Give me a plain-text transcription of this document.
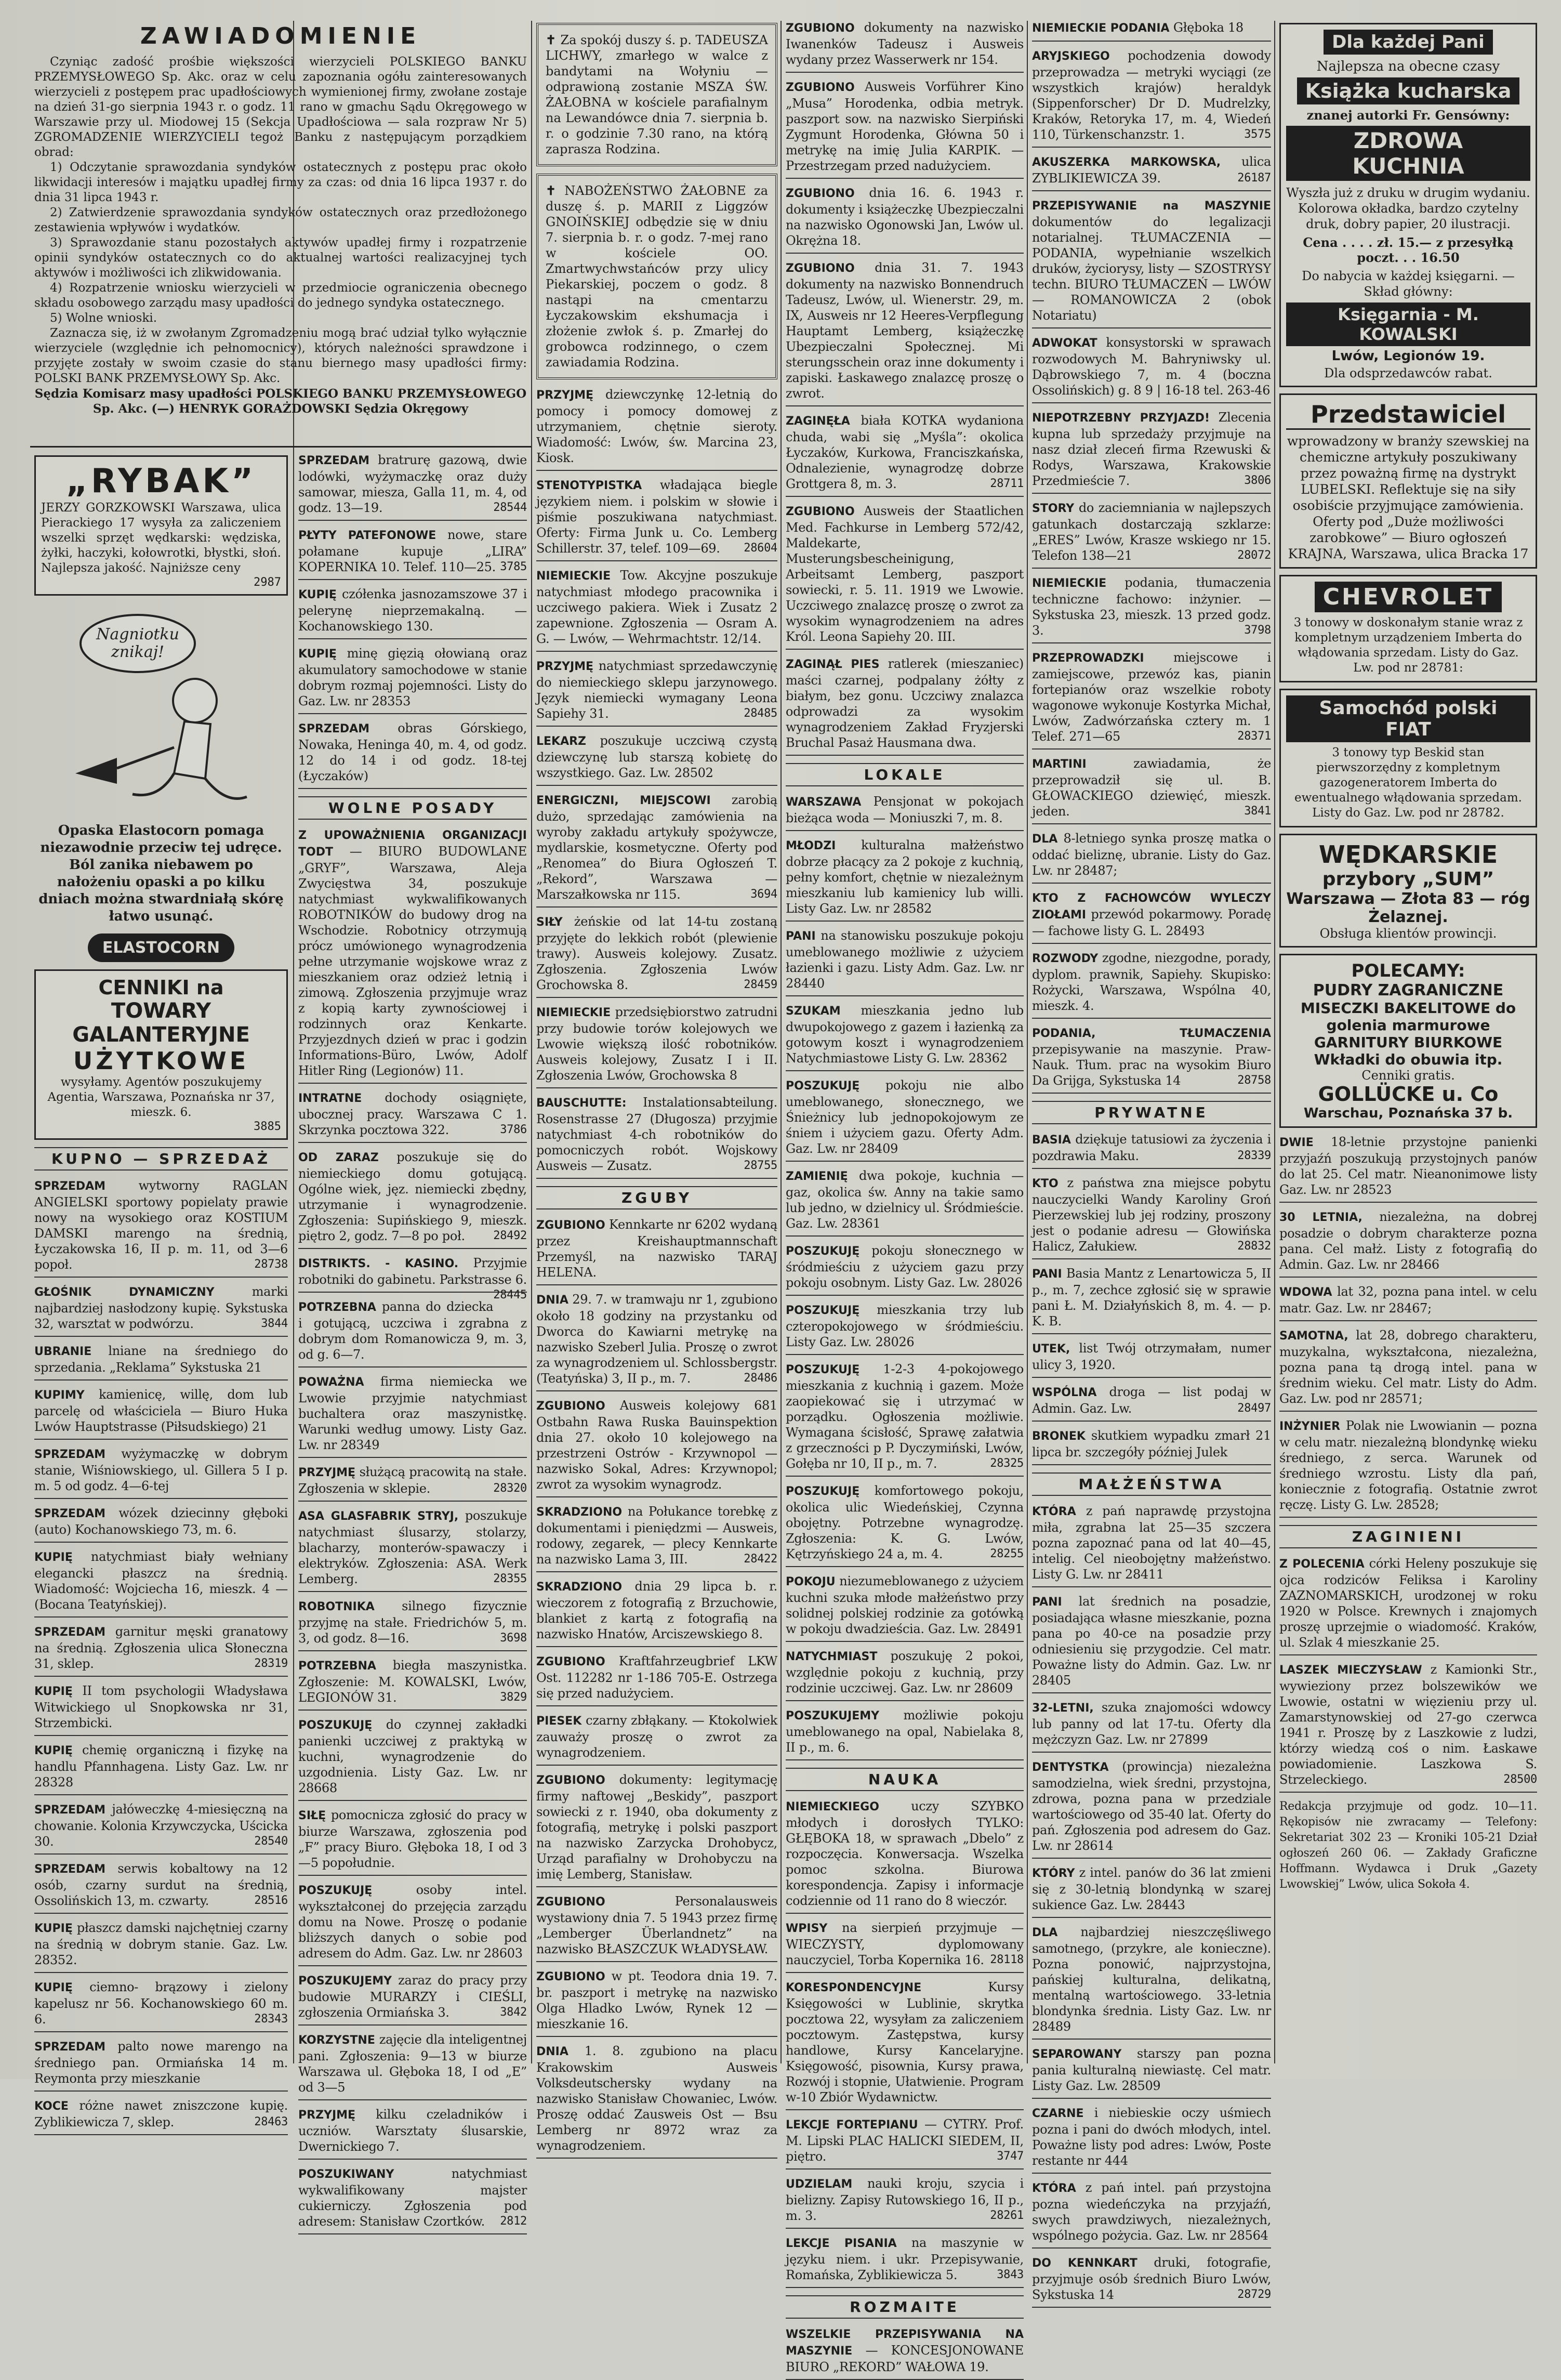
ZAWIADOMIENIE

Czyniąc zadość prośbie większości wierzycieli POLSKIEGO BANKU PRZEMYSŁOWEGO Sp. Akc. oraz w celu zapoznania ogółu zainteresowanych wierzycieli z postępem prac upadłościowych wymienionej firmy, zwołane zostaje na dzień 31-go sierpnia 1943 r. o godz. 11 rano w gmachu Sądu Okręgowego w Warszawie przy ul. Miodowej 15 (Sekcja Upadłościowa — sala rozpraw Nr 5) ZGROMADZENIE WIERZYCIELI tegoż Banku z następującym porządkiem obrad:

1) Odczytanie sprawozdania syndyków ostatecznych z postępu prac około likwidacji interesów i majątku upadłej firmy za czas: od dnia 16 lipca 1937 r. do dnia 31 lipca 1943 r.

2) Zatwierdzenie sprawozdania syndyków ostatecznych oraz przedłożonego zestawienia wpływów i wydatków.

3) Sprawozdanie stanu pozostałych aktywów upadłej firmy i rozpatrzenie opinii syndyków ostatecznych co do aktualnej wartości realizacyjnej tych aktywów i możliwości ich zlikwidowania.

4) Rozpatrzenie wniosku wierzycieli w przedmiocie ograniczenia obecnego składu osobowego zarządu masy upadłości do jednego syndyka ostatecznego.

5) Wolne wnioski.

Zaznacza się, iż w zwołanym Zgromadzeniu mogą brać udział tylko wyłącznie wierzyciele (względnie ich pełnomocnicy), których należności sprawdzone i przyjęte zostały w swoim czasie do stanu biernego masy upadłości firmy: POLSKI BANK PRZEMYSŁOWY Sp. Akc.

Sędzia Komisarz masy upadłości POLSKIEGO BANKU PRZEMYSŁOWEGO Sp. Akc. (—) HENRYK GORAŻDOWSKI Sędzia Okręgowy

„RYBAK”
JERZY GORZKOWSKI Warszawa, ulica Pierackiego 17 wysyła za zaliczeniem wszelki sprzęt wędkarski: wędziska, żyłki, haczyki, kołowrotki, błystki, słoń. Najlepsza jakość. Najniższe ceny
2987
Nagniotku
znikaj!
Opaska Elastocorn pomaga niezawodnie przeciw tej udręce. Ból zanika niebawem po nałożeniu opaski a po kilku dniach można stwardniałą skórę łatwo usunąć.
ELASTOCORN
CENNIKI na
TOWARY GALANTERYJNE
UŻYTKOWE
wysyłamy. Agentów poszukujemy Agentia, Warszawa, Poznańska nr 37, mieszk. 6.
3885
KUPNO — SPRZEDAŻ
SPRZEDAM	wytworny RAGLAN ANGIELSKI sportowy popielaty prawie nowy na wysokiego oraz KOSTIUM DAMSKI marengo na średnią, Łyczakowska 16, II p. m. 11, od 3—6 popoł.	28738
GŁOŚNIK DYNAMICZNY	marki najbardziej nasłodzony kupię. Sykstuska 32, warsztat w podwórzu.	3844
UBRANIE lniane na średniego do sprzedania. „Reklama” Sykstuska 21
KUPIMY kamienicę, willę, dom lub parcelę od właściciela — Biuro Huka Lwów Hauptstrasse (Piłsudskiego) 21
SPRZEDAM wyżymaczkę w dobrym stanie, Wiśniowskiego, ul. Gillera 5 I p. m. 5 od godz. 4—6-tej
SPRZEDAM wózek dziecinny głęboki (auto) Kochanowskiego 73, m. 6.
KUPIĘ natychmiast biały wełniany elegancki płaszcz na średnią. Wiadomość: Wojciecha 16, mieszk. 4 — (Bocana Teatyńskiej).
SPRZEDAM garnitur męski granatowy na średnią. Zgłoszenia ulica Słoneczna 31, sklep.	28319
KUPIĘ II tom psychologii Władysława Witwickiego ul Snopkowska nr 31, Strzembicki.
KUPIĘ chemię organiczną i fizykę na handlu Pfannhagena. Listy Gaz. Lw. nr 28328
SPRZEDAM jałóweczkę 4-miesięczną na chowanie. Kolonia Krzywczycka, Uścicka 30.	28540
SPRZEDAM serwis kobaltowy na 12 osób, czarny surdut na średnią, Ossolińskich 13, m. czwarty.	28516
KUPIĘ płaszcz damski najchętniej czarny na średnią w dobrym stanie. Gaz. Lw. 28352.
KUPIĘ ciemno- brązowy i zielony kapelusz nr 56. Kochanowskiego 60 m. 6.	28343
SPRZEDAM palto nowe marengo na średniego pan. Ormiańska 14 m. Reymonta przy mieszkanie
KOCE różne nawet zniszczone kupię. Zyblikiewicza 7, sklep.	28463
SPRZEDAM bratrurę gazową, dwie lodówki, wyżymaczkę oraz duży samowar, miesza, Galla 11, m. 4, od godz. 13—19.	28544
PŁYTY PATEFONOWE nowe, stare połamane kupuje „LIRA” KOPERNIKA 10. Telef. 110—25. 3785
KUPIĘ czółenka jasnozamszowe 37 i pelerynę nieprzemakalną. — Kochanowskiego 130.
KUPIĘ minę gięzią ołowianą oraz akumulatory samochodowe w stanie dobrym rozmaj pojemności. Listy do Gaz. Lw. nr 28353
SPRZEDAM obras Górskiego, Nowaka, Heninga 40, m. 4, od godz. 12 do 14 i od godz. 18-tej (Łyczaków)
WOLNE POSADY
Z UPOWAŻNIENIA ORGANIZACJI TODT — BIURO BUDOWLANE „GRYF”, Warszawa, Aleja Zwycięstwa 34, poszukuje natychmiast wykwalifikowanych ROBOTNIKÓW do budowy drog na Wschodzie. Robotnicy otrzymują prócz umówionego wynagrodzenia pełne utrzymanie wojskowe wraz z mieszkaniem oraz odzież letnią i zimową. Zgłoszenia przyjmuje wraz z kopią karty zywnościowej i rodzinnych oraz Kenkarte. Przyjezdnych dzień w prac i godzin Informations-Büro, Lwów, Adolf Hitler Ring (Legionów) 11.
INTRATNE dochody osiągnięte, ubocznej pracy. Warszawa C 1. Skrzynka pocztowa 322.	3786
OD ZARAZ poszukuje się do niemieckiego domu gotującą. Ogólne wiek, jęz. niemiecki zbędny, utrzymanie i wynagrodzenie. Zgłoszenia: Supińskiego 9, mieszk. piętro 2, godz. 7—8 po poł. 28492
DISTRIKTS. - KASINO. Przyjmie robotniki do gabinetu. Parkstrasse 6.
28445
POTRZEBNA panna do dziecka i gotującą, uczciwa i zgrabna z dobrym dom Romanowicza 9, m. 3, od g. 6—7.
POWAŻNA firma niemiecka we Lwowie przyjmie natychmiast buchaltera oraz maszynistkę. Warunki według umowy. Listy Gaz. Lw. nr 28349
PRZYJMĘ służącą pracowitą na stałe. Zgłoszenia w sklepie.	28320
ASA GLASFABRIK STRYJ, poszukuje natychmiast ślusarzy, stolarzy, blacharzy, monterów-spawaczy i elektryków. Zgłoszenia: ASA. Werk Lemberg.	28355
ROBOTNIKA silnego fizycznie przyjmę na stałe. Friedrichów 5, m. 3, od godz. 8—16.	3698
POTRZEBNA biegła maszynistka. Zgłoszenie: M. KOWALSKI, Lwów, LEGIONÓW 31.	3829
POSZUKUJĘ do czynnej zakładki panienki uczciwej z praktyką w kuchni, wynagrodzenie do uzgodnienia. Listy Gaz. Lw. nr 28668
SIŁĘ pomocnicza zgłosić do pracy w biurze Warszawa, zgłoszenia pod „F” pracy Biuro. Głęboka 18, I od 3—5 popołudnie.
POSZUKUJĘ	osoby intel. wykształconej do przejęcia zarządu domu na Nowe. Proszę o podanie bliższych danych o sobie pod adresem do Adm. Gaz. Lw. nr 28603
POSZUKUJEMY zaraz do pracy przy budowie MURARZY i CIEŚLI, zgłoszenia Ormiańska 3.	3842
KORZYSTNE zajęcie dla inteligentnej pani. Zgłoszenia: 9—13 w biurze Warszawa ul. Głęboka 18, I od „E” od 3—5
PRZYJMĘ kilku czeladników i uczniów. Warsztaty ślusarskie, Dwernickiego 7.
POSZUKIWANY	natychmiast wykwalifikowany majster cukierniczy. Zgłoszenia pod adresem: Stanisław Czortków. 2812
✝ Za spokój duszy ś. p. TADEUSZA LICHWY, zmarłego w walce z bandytami na Wołyniu — odprawioną zostanie MSZA ŚW. ŻAŁOBNA w kościele parafialnym na Lewandówce dnia 7. sierpnia b. r. o godzinie 7.30 rano, na którą zaprasza Rodzina.
✝ NABOŻEŃSTWO ŻAŁOBNE za duszę ś. p. MARII z Liggzów GNOIŃSKIEJ odbędzie się w dniu 7. sierpnia b. r. o godz. 7-mej rano w kościele OO. Zmartwychwstańców przy ulicy Piekarskiej, poczem o godz. 8 nastąpi na cmentarzu Łyczakowskim ekshumacja i złożenie zwłok ś. p. Zmarłej do grobowca rodzinnego, o czem zawiadamia Rodzina.
PRZYJMĘ dziewczynkę 12-letnią do pomocy i pomocy domowej z utrzymaniem, chętnie sieroty. Wiadomość: Lwów, św. Marcina 23, Kiosk.
STENOTYPISTKA władająca biegle językiem niem. i polskim w słowie i piśmie poszukiwana natychmiast. Oferty: Firma Junk u. Co. Lemberg Schillerstr. 37, telef. 109—69. 28604
NIEMIECKIE Tow. Akcyjne poszukuje natychmiast młodego pracownika i uczciwego pakiera. Wiek i Zusatz 2 zapewnione. Zgłoszenia — Osram A. G. — Lwów, — Wehrmachtstr. 12/14.
PRZYJMĘ natychmiast sprzedawczynię do niemieckiego sklepu jarzynowego. Język niemiecki wymagany Leona Sapiehy 31.	28485
LEKARZ poszukuje uczciwą czystą dziewczynę lub starszą kobietę do wszystkiego. Gaz. Lw. 28502
ENERGICZNI, MIEJSCOWI zarobią dużo, sprzedając zamówienia na wyroby zakładu artykuły spożywcze, mydlarskie, kosmetyczne. Oferty pod „Renomea” do Biura Ogłoszeń T. „Rekord”, Warszawa — Marszałkowska nr 115.	3694
SIŁY żeńskie od lat 14-tu zostaną przyjęte do lekkich robót (plewienie trawy). Ausweis kolejowy. Zusatz. Zgłoszenia. Zgłoszenia Lwów Grochowska 8.	28459
NIEMIECKIE przedsiębiorstwo zatrudni przy budowie torów kolejowych we Lwowie większą ilość robotników. Ausweis kolejowy, Zusatz I i II. Zgłoszenia Lwów, Grochowska 8
BAUSCHUTTE: Instalationsabteilung. Rosenstrasse 27 (Długosza) przyjmie natychmiast 4-ch robotników do pomocniczych robót. Wojskowy Ausweis — Zusatz.	28755
ZGUBY
ZGUBIONO Kennkarte nr 6202 wydaną przez Kreishauptmannschaft Przemyśl, na nazwisko TARAJ HELENA.
DNIA 29. 7. w tramwaju nr 1, zgubiono około 18 godziny na przystanku od Dworca do Kawiarni metrykę na nazwisko Szeberl Julia. Proszę o zwrot za wynagrodzeniem ul. Schlossbergstr. (Teatyńska) 3, II p., m. 7.	28486
ZGUBIONO Ausweis kolejowy 681 Ostbahn Rawa Ruska Bauinspektion dnia 27. około 10 kolejowego na przestrzeni Ostrów - Krzywnopol — nazwisko Sokal, Adres: Krzywnopol; zwrot za wysokim wynagrodz.
SKRADZIONO na Połukance torebkę z dokumentami i pieniędzmi — Ausweis, rodowy, zegarek, — plecy Kennkarte na nazwisko Lama 3, III.	28422
SKRADZIONO dnia 29 lipca b. r. wieczorem z fotografią z Brzuchowie, blankiet z kartą z fotografią na nazwisko Hnatów, Arciszewskiego 8.
ZGUBIONO Kraftfahrzeugbrief LKW Ost. 112282 nr 1-186 705-E. Ostrzega się przed nadużyciem.
PIESEK czarny zbłąkany. — Ktokolwiek zauważy proszę o zwrot za wynagrodzeniem.
ZGUBIONO dokumenty: legitymację firmy naftowej „Beskidy”, paszport sowiecki z r. 1940, oba dokumenty z fotografią, metrykę i polski paszport na nazwisko Zarzycka Drohobycz, Urząd parafialny w Drohobyczu na imię Lemberg, Stanisław.
ZGUBIONO	Personalausweis wystawiony dnia 7. 5 1943 przez firmę „Lemberger Überlandnetz” na nazwisko BŁASZCZUK WŁADYSŁAW.
ZGUBIONO w pt. Teodora dnia 19. 7. br. paszport i metrykę na nazwisko Olga Hladko Lwów, Rynek 12 — mieszkanie 16.
DNIA 1. 8. zgubiono na placu Krakowskim Ausweis Volksdeutschersky wydany na nazwisko Stanisław Chowaniec, Lwów. Proszę oddać Zausweis Ost — Bsu Lemberg nr 8972 wraz za wynagrodzeniem.
ZGUBIONO dokumenty na nazwisko Iwanenków Tadeusz i Ausweis wydany przez Wasserwerk nr 154.
ZGUBIONO Ausweis Vorführer Kino „Musa” Horodenka, odbia metryk. paszport sow. na nazwisko Sierpiński Zygmunt Horodenka, Główna 50 i metrykę na imię Julia KARPIK. — Przestrzegam przed nadużyciem.
ZGUBIONO dnia 16. 6. 1943 r. dokumenty i książeczkę Ubezpieczalni na nazwisko Ogonowski Jan, Lwów ul. Okrężna 18.
ZGUBIONO dnia 31. 7. 1943 dokumenty na nazwisko Bonnendruch Tadeusz, Lwów, ul. Wienerstr. 29, m. IX, Ausweis nr 12 Heeres-Verpflegung Hauptamt Lemberg, książeczkę Ubezpieczalni Społecznej. Mi sterungsschein oraz inne dokumenty i zapiski. Łaskawego znalazcę proszę o zwrot.
ZAGINĘŁA biała KOTKA wydaniona chuda, wabi się „Myśla”: okolica Łyczaków, Kurkowa, Franciszkańska, Odnalezienie, wynagrodzę dobrze Grottgera 8, m. 3.	28711
ZGUBIONO Ausweis der Staatlichen Med. Fachkurse in Lemberg 572/42, Maldekarte, Musterungsbescheinigung, Arbeitsamt Lemberg, paszport sowiecki, r. 5. 11. 1919 we Lwowie. Uczciwego znalazcę proszę o zwrot za wysokim wynagrodzeniem na adres Król. Leona Sapiehy 20. III.
ZAGINĄŁ PIES ratlerek (mieszaniec) maści czarnej, podpalany żółty z białym, bez gonu. Uczciwy znalazca odprowadzi za wysokim wynagrodzeniem Zakład Fryzjerski Bruchal Pasaż Hausmana dwa.
LOKALE
WARSZAWA Pensjonat w pokojach bieżąca woda — Moniuszki 7, m. 8.
MŁODZI kulturalna małżeństwo dobrze płacący za 2 pokoje z kuchnią, pełny komfort, chętnie w niezależnym mieszkaniu lub kamienicy lub willi. Listy Gaz. Lw. nr 28582
PANI na stanowisku poszukuje pokoju umeblowanego możliwie z użyciem łazienki i gazu. Listy Adm. Gaz. Lw. nr 28440
SZUKAM mieszkania jedno lub dwupokojowego z gazem i łazienką za gotowym koszt i wynagrodzeniem Natychmiastowe Listy G. Lw. 28362
POSZUKUJĘ pokoju nie albo umeblowanego, słonecznego, we Śnieżnicy lub jednopokojowym ze śniem i użyciem gazu. Oferty Adm. Gaz. Lw. nr 28409
ZAMIENIĘ dwa pokoje, kuchnia — gaz, okolica św. Anny na takie samo lub jedno, w dzielnicy ul. Śródmieście. Gaz. Lw. 28361
POSZUKUJĘ pokoju słonecznego w śródmieściu z użyciem gazu przy pokoju osobnym. Listy Gaz. Lw. 28026
POSZUKUJĘ mieszkania trzy lub czteropokojowego w śródmieściu. Listy Gaz. Lw. 28026
POSZUKUJĘ 1-2-3 4-pokojowego mieszkania z kuchnią i gazem. Może zaopiekować się i utrzymać w porządku. Ogłoszenia możliwie. Wymagana ścisłość, Sprawę załatwia z grzeczności p P. Dyczymiński, Lwów, Gołęba nr 10, II p., m. 7.	28325
POSZUKUJĘ komfortowego pokoju, okolica ulic Wiedeńskiej, Czynna obojętny. Potrzebne wynagrodzę. Zgłoszenia: K. G. Lwów, Kętrzyńskiego 24 a, m. 4.	28255
POKOJU niezumeblowanego z użyciem kuchni szuka młode małżeństwo przy solidnej polskiej rodzinie za gotówką w pokoju dwadzieścia. Gaz. Lw. 28491
NATYCHMIAST poszukuję 2 pokoi, względnie pokoju z kuchnią, przy rodzinie uczciwej. Gaz. Lw. nr 28609
POSZUKUJEMY możliwie pokoju umeblowanego na opal, Nabielaka 8, II p., m. 6.
NAUKA
NIEMIECKIEGO	uczy SZYBKO młodych i dorosłych TYLKO: GŁĘBOKA 18, w sprawach „Dbelo” z rozpoczęcia. Konwersacja. Wszelka pomoc szkolna. Biurowa korespondencja. Zapisy i informacje codziennie od 11 rano do 8 wieczór.
WPISY na sierpień przyjmuje — WIECZYSTY, dyplomowany nauczyciel, Torba Kopernika 16. 28118
KORESPONDENCYJNE	Kursy Księgowości w Lublinie, skrytka pocztowa 22, wysyłam za zaliczeniem pocztowym. Zastępstwa, kursy handlowe, Kursy Kancelaryjne. Księgowość, pisownia, Kursy prawa, Rozwój i stopnie, Ułatwienie. Program w-10 Zbiór Wydawnictw.
LEKCJE FORTEPIANU — CYTRY. Prof. M. Lipski PLAC HALICKI SIEDEM, II, piętro.	3747
UDZIELAM nauki kroju, szycia i bielizny. Zapisy Rutowskiego 16, II p., m. 3.	28261
LEKCJE PISANIA na maszynie w języku niem. i ukr. Przepisywanie, Romańska, Zyblikiewicza 5.	3843
ROZMAITE
WSZELKIE PRZEPISYWANIA NA MASZYNIE — KONCESJONOWANE BIURO „REKORD” WAŁOWA 19.
NIEMIECKIE PODANIA Głęboka 18
ARYJSKIEGO pochodzenia dowody przeprowadza — metryki wyciągi (ze wszystkich krajów) heraldyk (Sippenforscher) Dr D. Mudrelzky, Kraków, Retoryka 17, m. 4, Wiedeń 110, Türkenschanzstr. 1.	3575
AKUSZERKA MARKOWSKA, ulica ZYBLIKIEWICZA 39.	26187
PRZEPISYWANIE na MASZYNIE dokumentów do legalizacji notarialnej. TŁUMACZENIA — PODANIA, wypełnianie wszelkich druków, życiorysy, listy — SZOSTRYSY techn. BIURO TŁUMACZEŃ — LWÓW — ROMANOWICZA 2 (obok Notariatu)
ADWOKAT konsystorski w sprawach rozwodowych M. Bahryniwsky ul. Dąbrowskiego 7, m. 4 (boczna Ossolińskich) g. 8 9 | 16-18 tel. 263-46
NIEPOTRZEBNY PRZYJAZD! Zlecenia kupna lub sprzedaży przyjmuje na nasz dział zleceń firma Rzewuski & Rodys, Warszawa, Krakowskie Przedmieście 7.	3806
STORY do zaciemniania w najlepszych gatunkach dostarczają szklarze: „ERES” Lwów, Krasze wskiego nr 15. Telefon 138—21	28072
NIEMIECKIE podania, tłumaczenia techniczne fachowo: inżynier. — Sykstuska 23, mieszk. 13 przed godz. 3.	3798
PRZEPROWADZKI miejscowe i zamiejscowe, przewóz kas, pianin fortepianów oraz wszelkie roboty wagonowe wykonuje Kostyrka Michał, Lwów, Zadwórzańska cztery m. 1 Telef. 271—65	28371
MARTINI	zawiadamia, że przeprowadził się ul. B. GŁOWACKIEGO dziewięć, mieszk. jeden.	3841
DLA 8-letniego synka proszę matka o oddać bieliznę, ubranie. Listy do Gaz. Lw. nr 28487;
KTO Z FACHOWCÓW WYLECZY ZIOŁAMI przewód pokarmowy. Poradę — fachowe listy G. L. 28493
ROZWODY zgodne, niezgodne, porady, dyplom. prawnik, Sapiehy. Skupisko: Rożycki, Warszawa, Wspólna 40, mieszk. 4.
PODANIA, TŁUMACZENIA przepisywanie na maszynie. Praw-Nauk. Tłum. prac na wysokim Biuro Da Grijga, Sykstuska 14	28758
PRYWATNE
BASIA dziękuje tatusiowi za życzenia i pozdrawia Maku.	28339
KTO z państwa zna miejsce pobytu nauczycielki Wandy Karoliny Groń Pierzewskiej lub jej rodziny, proszony jest o podanie adresu — Głowińska Halicz, Załukiew.	28832
PANI Basia Mantz z Lenartowicza 5, II p., m. 7, zechce zgłosić się w sprawie pani Ł. M. Działyńskich 8, m. 4. — p. K. B.
UTEK, list Twój otrzymałam, numer ulicy 3, 1920.
WSPÓLNA droga — list podaj w Admin. Gaz. Lw.	28497
BRONEK skutkiem wypadku zmarł 21 lipca br. szczegóły później Julek
MAŁŻEŃSTWA
KTÓRA z pań naprawdę przystojna miła, zgrabna lat 25—35 szczera pozna zapoznać pana od lat 40—45, intelig. Cel nieobojętny małżeństwo. Listy G. Lw. nr 28411
PANI lat średnich na posadzie, posiadająca własne mieszkanie, pozna pana po 40-ce na posadzie przy odniesieniu się przygodzie. Cel matr. Poważne listy do Admin. Gaz. Lw. nr 28405
32-LETNI, szuka znajomości wdowcy lub panny od lat 17-tu. Oferty dla mężczyzn Gaz. Lw. nr 27899
DENTYSTKA (prowincja) niezależna samodzielna, wiek średni, przystojna, zdrowa, pozna pana w przedziale wartościowego od 35-40 lat. Oferty do pań. Zgłoszenia pod adresem do Gaz. Lw. nr 28614
KTÓRY z intel. panów do 36 lat zmieni się z 30-letnią blondynką w szarej sukience Gaz. Lw. 28443
DLA najbardziej nieszczęśliwego samotnego, (przykre, ale konieczne). Pozna ponowić, najprzystojna, pańskiej kulturalna, delikatną, mentalną wartościowego. 33-letnia blondynka średnia. Listy Gaz. Lw. nr 28489
SEPAROWANY starszy pan pozna pania kulturalną niewiastę. Cel matr. Listy Gaz. Lw. 28509
CZARNE i niebieskie oczy uśmiech pozna i pani do dwóch młodych, intel. Poważne listy pod adres: Lwów, Poste restante nr 444
KTÓRA z pań intel. pań przystojna pozna wiedeńczyka na przyjaźń, swych prawdziwych, niezależnych, wspólnego pożycia. Gaz. Lw. nr 28564
DO KENNKART druki, fotografie, przyjmuje osób średnich Biuro Lwów, Sykstuska 14	28729
Dla każdej Pani
Najlepsza na obecne czasy
Książka kucharska
znanej autorki Fr. Gensówny:
ZDROWA KUCHNIA
Wyszła już z druku w drugim wydaniu. Kolorowa okładka, bardzo czytelny druk, dobry papier, 20 ilustracji.
Cena . . . . zł. 15.— z przesyłką poczt. . . 16.50
Do nabycia w każdej księgarni. — Skład główny:
Księgarnia - M. KOWALSKI
Lwów, Legionów 19.
Dla odsprzedawców rabat.
Przedstawiciel
wprowadzony w branży szewskiej na chemiczne artykuły poszukiwany przez poważną firmę na dystrykt LUBELSKI. Reflektuje się na siły osobiście przyjmujące zamówienia. Oferty pod „Duże możliwości zarobkowe” — Biuro ogłoszeń KRAJNA, Warszawa, ulica Bracka 17
CHEVROLET
3 tonowy w doskonałym stanie wraz z kompletnym urządzeniem Imberta do włądowania sprzedam. Listy do Gaz. Lw. pod nr 28781:
Samochód polski FIAT
3 tonowy typ Beskid stan pierwszorzędny z kompletnym gazogeneratorem Imberta do ewentualnego włądowania sprzedam. Listy do Gaz. Lw. pod nr 28782.
WĘDKARSKIE
przybory „SUM”
Warszawa — Złota 83 — róg Żelaznej.
Obsługa klientów prowincji.
POLECAMY:
PUDRY ZAGRANICZNE
MISECZKI BAKELITOWE do golenia marmurowe
GARNITURY BIURKOWE
Wkładki do obuwia itp.
Cenniki gratis.
GOLLÜCKE u. Co
Warschau, Poznańska 37 b.
DWIE 18-letnie przystojne panienki przyjaźń poszukują przystojnych panów do lat 25. Cel matr. Nieanonimowe listy Gaz. Lw. nr 28523
30 LETNIA, niezależna, na dobrej posadzie o dobrym charakterze pozna pana. Cel małż. Listy z fotografią do Admin. Gaz. Lw. nr 28466
WDOWA lat 32, pozna pana intel. w celu matr. Gaz. Lw. nr 28467;
SAMOTNA, lat 28, dobrego charakteru, muzykalna, wykształcona, niezależna, pozna pana tą drogą intel. pana w średnim wieku. Cel matr. Listy do Adm. Gaz. Lw. pod nr 28571;
INŻYNIER Polak nie Lwowianin — pozna w celu matr. niezależną blondynkę wieku średniego, z serca. Warunek od średniego wzrostu. Listy dla pań, koniecznie z fotografią. Ostatnie zwrot ręczę. Listy G. Lw. 28528;
ZAGINIENI
Z POLECENIA córki Heleny poszukuje się ojca rodziców Feliksa i Karoliny ZAZNOMARSKICH, urodzonej w roku 1920 w Polsce. Krewnych i znajomych proszę uprzejmie o wiadomość. Kraków, ul. Szlak 4 mieszkanie 25.
LASZEK MIECZYSŁAW z Kamionki Str., wywieziony przez bolszewików we Lwowie, ostatni w więzieniu przy ul. Zamarstynowskiej od 27-go czerwca 1941 r. Proszę by z Laszkowie z ludzi, którzy wiedzą coś o nim. Łaskawe powiadomienie. Laszkowa S. Strzeleckiego.	28500
Redakcja przyjmuje od godz. 10—11. Rękopisów nie zwracamy — Telefony: Sekretariat 302 23 — Kroniki 105-21 Dział ogłoszeń 260 06. — Zakłady Graficzne Hoffmann. Wydawca i Druk „Gazety Lwowskiej” Lwów, ulica Sokoła 4.
